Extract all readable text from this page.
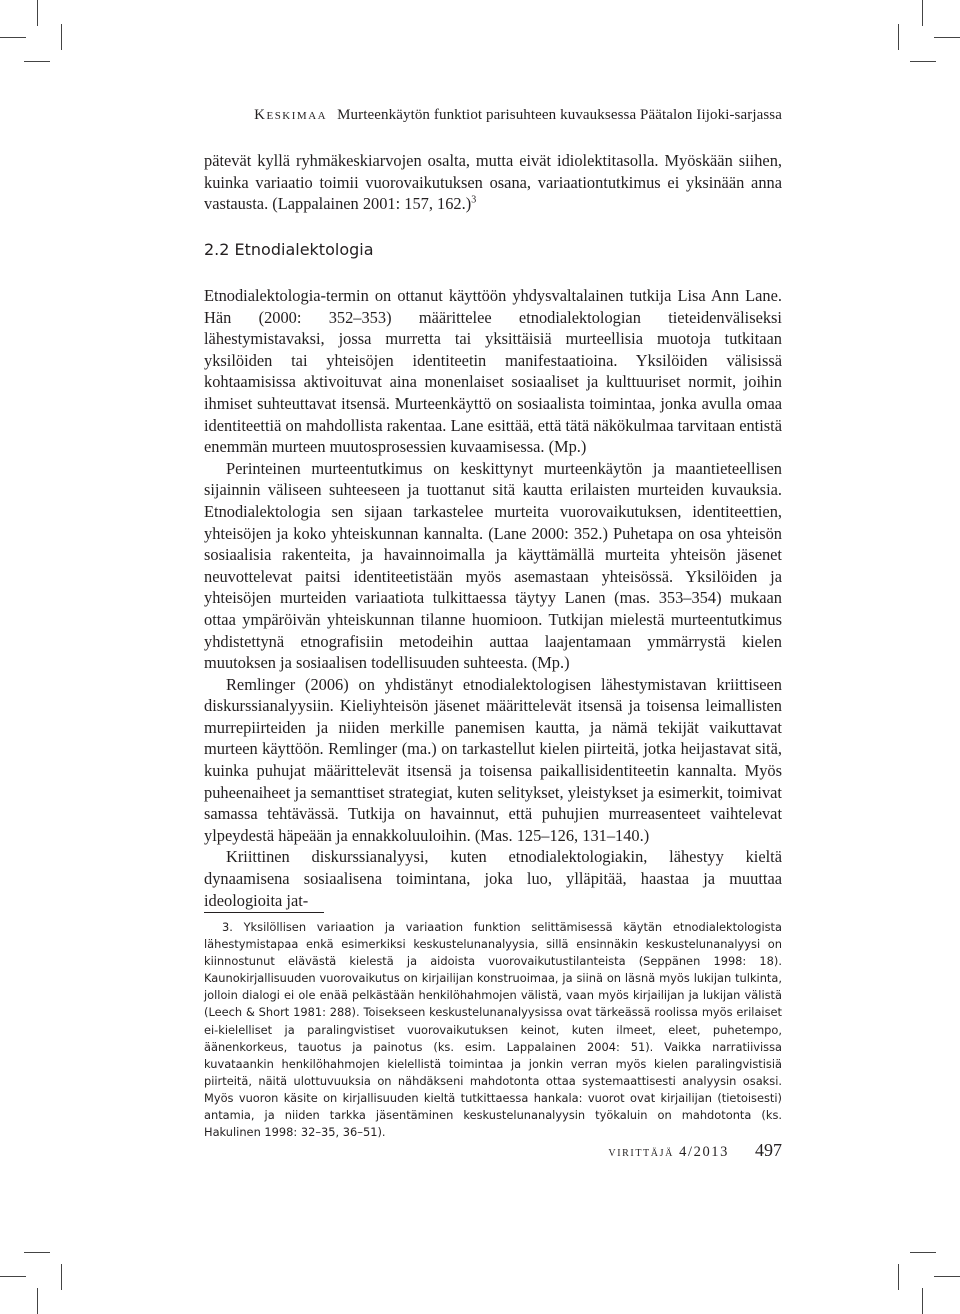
Keskimaa Murteenkäytön funktiot parisuhteen kuvauksessa Päätalon Iijoki-sarjassa

pätevät kyllä ryhmäkeskiarvojen osalta, mutta eivät idiolektitasolla. Myöskään siihen, kuinka variaatio toimii vuorovaikutuksen osana, variaationtutkimus ei yksinään anna vastausta. (Lappalainen 2001: 157, 162.)$^3$

2.2 Etnodialektologia

Etnodialektologia-termin on ottanut käyttöön yhdysvaltalainen tutkija Lisa Ann Lane. Hän (2000: 352–353) määrittelee etnodialektologian tieteidenväliseksi lähestymistavaksi, jossa murretta tai yksittäisiä murteellisia muotoja tutkitaan yksilöiden tai yhteisöjen identiteetin manifestaatioina. Yksilöiden välisissä kohtaamisissa aktivoituvat aina monenlaiset sosiaaliset ja kulttuuriset normit, joihin ihmiset suhteuttavat itsensä. Murteenkäyttö on sosiaalista toimintaa, jonka avulla omaa identiteettiä on mahdollista rakentaa. Lane esittää, että tätä näkökulmaa tarvitaan entistä enemmän murteen muutosprosessien kuvaamisessa. (Mp.)

Perinteinen murteentutkimus on keskittynyt murteenkäytön ja maantieteellisen sijainnin väliseen suhteeseen ja tuottanut sitä kautta erilaisten murteiden kuvauksia. Etnodialektologia sen sijaan tarkastelee murteita vuorovaikutuksen, identiteettien, yhteisöjen ja koko yhteiskunnan kannalta. (Lane 2000: 352.) Puhetapa on osa yhteisön sosiaalisia rakenteita, ja havainnoimalla ja käyttämällä murteita yhteisön jäsenet neuvottelevat paitsi identiteetistään myös asemastaan yhteisössä. Yksilöiden ja yhteisöjen murteiden variaatiota tulkittaessa täytyy Lanen (mas. 353–354) mukaan ottaa ympäröivän yhteiskunnan tilanne huomioon. Tutkijan mielestä murteentutkimus yhdistettynä etnografisiin metodeihin auttaa laajentamaan ymmärrystä kielen muutoksen ja sosiaalisen todellisuuden suhteesta. (Mp.)

Remlinger (2006) on yhdistänyt etnodialektologisen lähestymistavan kriittiseen diskurssianalyysiin. Kieliyhteisön jäsenet määrittelevät itsensä ja toisensa leimallisten murrepiirteiden ja niiden merkille panemisen kautta, ja nämä tekijät vaikuttavat murteen käyttöön. Remlinger (ma.) on tarkastellut kielen piirteitä, jotka heijastavat sitä, kuinka puhujat määrittelevät itsensä ja toisensa paikallisidentiteetin kannalta. Myös puheenaiheet ja semanttiset strategiat, kuten selitykset, yleistykset ja esimerkit, toimivat samassa tehtävässä. Tutkija on havainnut, että puhujien murreasenteet vaihtelevat ylpeydestä häpeään ja ennakkoluuloihin. (Mas. 125–126, 131–140.)

Kriittinen diskurssianalyysi, kuten etnodialektologiakin, lähestyy kieltä dynaamisena sosiaalisena toimintana, joka luo, ylläpitää, haastaa ja muuttaa ideologioita jat-

3. Yksilöllisen variaation ja variaation funktion selittämisessä käytän etnodialektologista lähestymistapaa enkä esimerkiksi keskustelunanalyysia, sillä ensinnäkin keskustelunanalyysi on kiinnostunut elävästä kielestä ja aidoista vuorovaikutustilanteista (Seppänen 1998: 18). Kaunokirjallisuuden vuorovaikutus on kirjailijan konstruoimaa, ja siinä on läsnä myös lukijan tulkinta, jolloin dialogi ei ole enää pelkästään henkilöhahmojen välistä, vaan myös kirjailijan ja lukijan välistä (Leech & Short 1981: 288). Toisekseen keskustelunanalyysissa ovat tärkeässä roolissa myös erilaiset ei-kielelliset ja paralingvistiset vuorovaikutuksen keinot, kuten ilmeet, eleet, puhetempo, äänenkorkeus, tauotus ja painotus (ks. esim. Lappalainen 2004: 51). Vaikka narratiivissa kuvataankin henkilöhahmojen kielellistä toimintaa ja jonkin verran myös kielen paralingvistisiä piirteitä, näitä ulottuvuuksia on nähdäkseni mahdotonta ottaa systemaattisesti analyysin osaksi. Myös vuoron käsite on kirjallisuuden kieltä tutkittaessa hankala: vuorot ovat kirjailijan (tietoisesti) antamia, ja niiden tarkka jäsentäminen keskustelunanalyysin työkaluin on mahdotonta (ks. Hakulinen 1998: 32–35, 36–51).

virittäjä 4/2013 497
